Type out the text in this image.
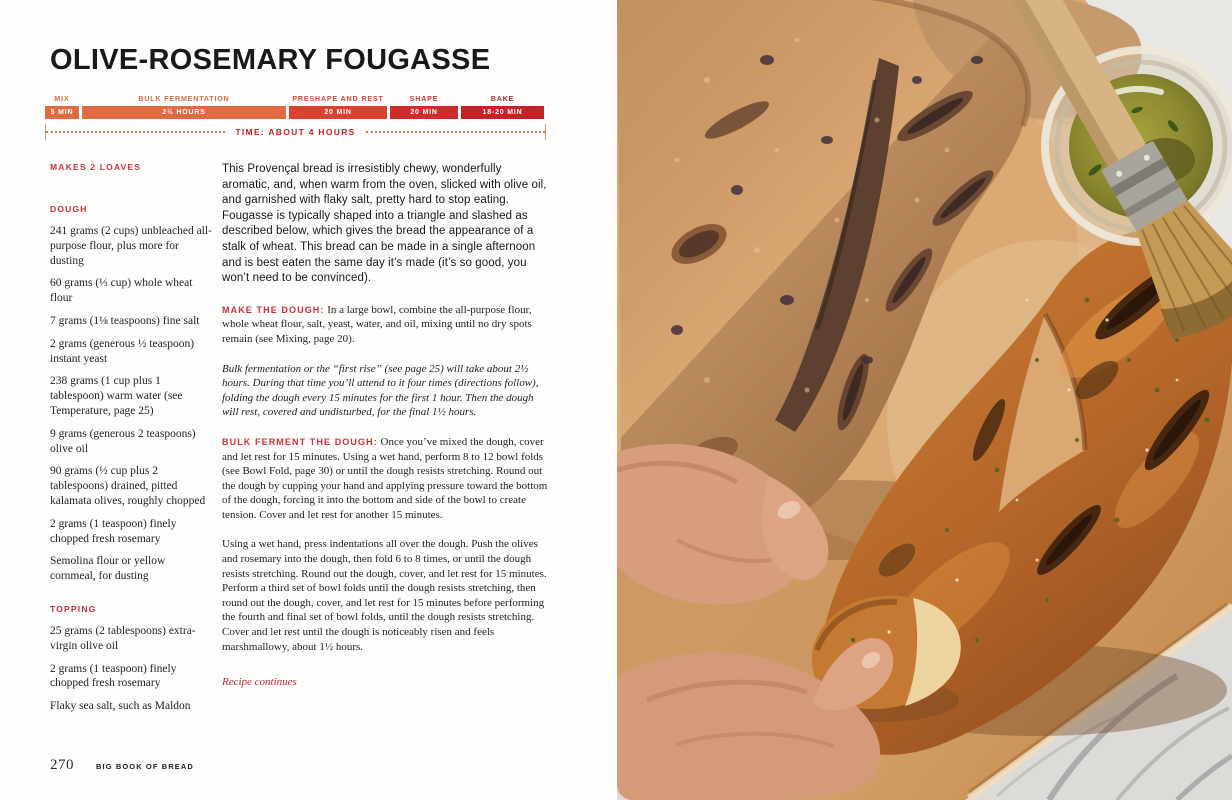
OLIVE-ROSEMARY FOUGASSE
MIX	BULK FERMENTATION	PRESHAPE AND REST	SHAPE	BAKE
5 MIN	2½ HOURS	20 MIN	20 MIN	18-20 MIN
TIME: ABOUT 4 HOURS
MAKES 2 LOAVES
DOUGH
241 grams (2 cups) unbleached all-purpose flour, plus more for dusting
60 grams (⅓ cup) whole wheat flour
7 grams (1⅛ teaspoons) fine salt
2 grams (generous ½ teaspoon) instant yeast
238 grams (1 cup plus 1 tablespoon) warm water (see Temperature, page 25)
9 grams (generous 2 teaspoons) olive oil
90 grams (½ cup plus 2 tablespoons) drained, pitted kalamata olives, roughly chopped
2 grams (1 teaspoon) finely chopped fresh rosemary
Semolina flour or yellow cornmeal, for dusting
TOPPING
25 grams (2 tablespoons) extra-virgin olive oil
2 grams (1 teaspoon) finely chopped fresh rosemary
Flaky sea salt, such as Maldon

This Provençal bread is irresistibly chewy, wonderfully aromatic, and, when warm from the oven, slicked with olive oil, and garnished with flaky salt, pretty hard to stop eating. Fougasse is typically shaped into a triangle and slashed as described below, which gives the bread the appearance of a stalk of wheat. This bread can be made in a single afternoon and is best eaten the same day it’s made (it’s so good, you won’t need to be convinced).

MAKE THE DOUGH: In a large bowl, combine the all-purpose flour, whole wheat flour, salt, yeast, water, and oil, mixing until no dry spots remain (see Mixing, page 20).

Bulk fermentation or the “first rise” (see page 25) will take about 2½ hours. During that time you’ll attend to it four times (directions follow), folding the dough every 15 minutes for the first 1 hour. Then the dough will rest, covered and undisturbed, for the final 1½ hours.

BULK FERMENT THE DOUGH: Once you’ve mixed the dough, cover and let rest for 15 minutes. Using a wet hand, perform 8 to 12 bowl folds (see Bowl Fold, page 30) or until the dough resists stretching. Round out the dough by cupping your hand and applying pressure toward the bottom of the dough, forcing it into the bottom and side of the bowl to create tension. Cover and let rest for another 15 minutes.

Using a wet hand, press indentations all over the dough. Push the olives and rosemary into the dough, then fold 6 to 8 times, or until the dough resists stretching. Round out the dough, cover, and let rest for 15 minutes. Perform a third set of bowl folds until the dough resists stretching, then round out the dough, cover, and let rest for 15 minutes before performing the fourth and final set of bowl folds, until the dough resists stretching. Cover and let rest until the dough is noticeably risen and feels marshmallowy, about 1½ hours.

Recipe continues

270	BIG BOOK OF BREAD
